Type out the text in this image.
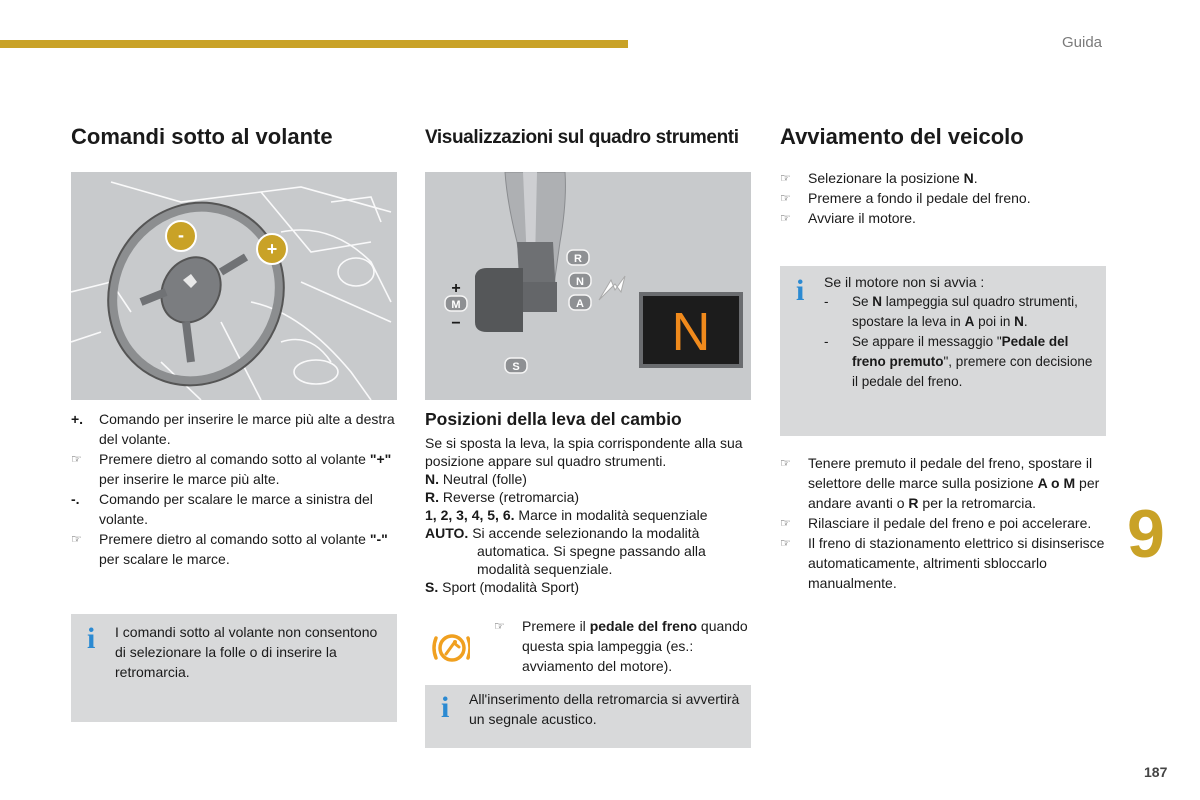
Guida
9
187
Comandi sotto al volante
-
+
+. Comando per inserire le marce più alte a destra del volante.
☞ Premere dietro al comando sotto al volante "+" per inserire le marce più alte.
-. Comando per scalare le marce a sinistra del volante.
☞ Premere dietro al comando sotto al volante "-" per scalare le marce.
i I comandi sotto al volante non consentono di selezionare la folle o di inserire la retromarcia.
Visualizzazioni sul quadro strumenti
R
N
A
M
+
−
S
N
Posizioni della leva del cambio
Se si sposta la leva, la spia corrispondente alla sua posizione appare sul quadro strumenti.
N. Neutral (folle)
R. Reverse (retromarcia)
1, 2, 3, 4, 5, 6. Marce in modalità sequenziale
AUTO. Si accende selezionando la modalità automatica. Si spegne passando alla modalità sequenziale.
S. Sport (modalità Sport)
☞ Premere il pedale del freno quando questa spia lampeggia (es.: avviamento del motore).
i All'inserimento della retromarcia si avvertirà un segnale acustico.
Avviamento del veicolo
☞ Selezionare la posizione N.
☞ Premere a fondo il pedale del freno.
☞ Avviare il motore.
i Se il motore non si avvia :
- Se N lampeggia sul quadro strumenti, spostare la leva in A poi in N.
- Se appare il messaggio "Pedale del freno premuto", premere con decisione il pedale del freno.
☞ Tenere premuto il pedale del freno, spostare il selettore delle marce sulla posizione A o M per andare avanti o R per la retromarcia.
☞ Rilasciare il pedale del freno e poi accelerare.
☞ Il freno di stazionamento elettrico si disinserisce automaticamente, altrimenti sbloccarlo manualmente.
